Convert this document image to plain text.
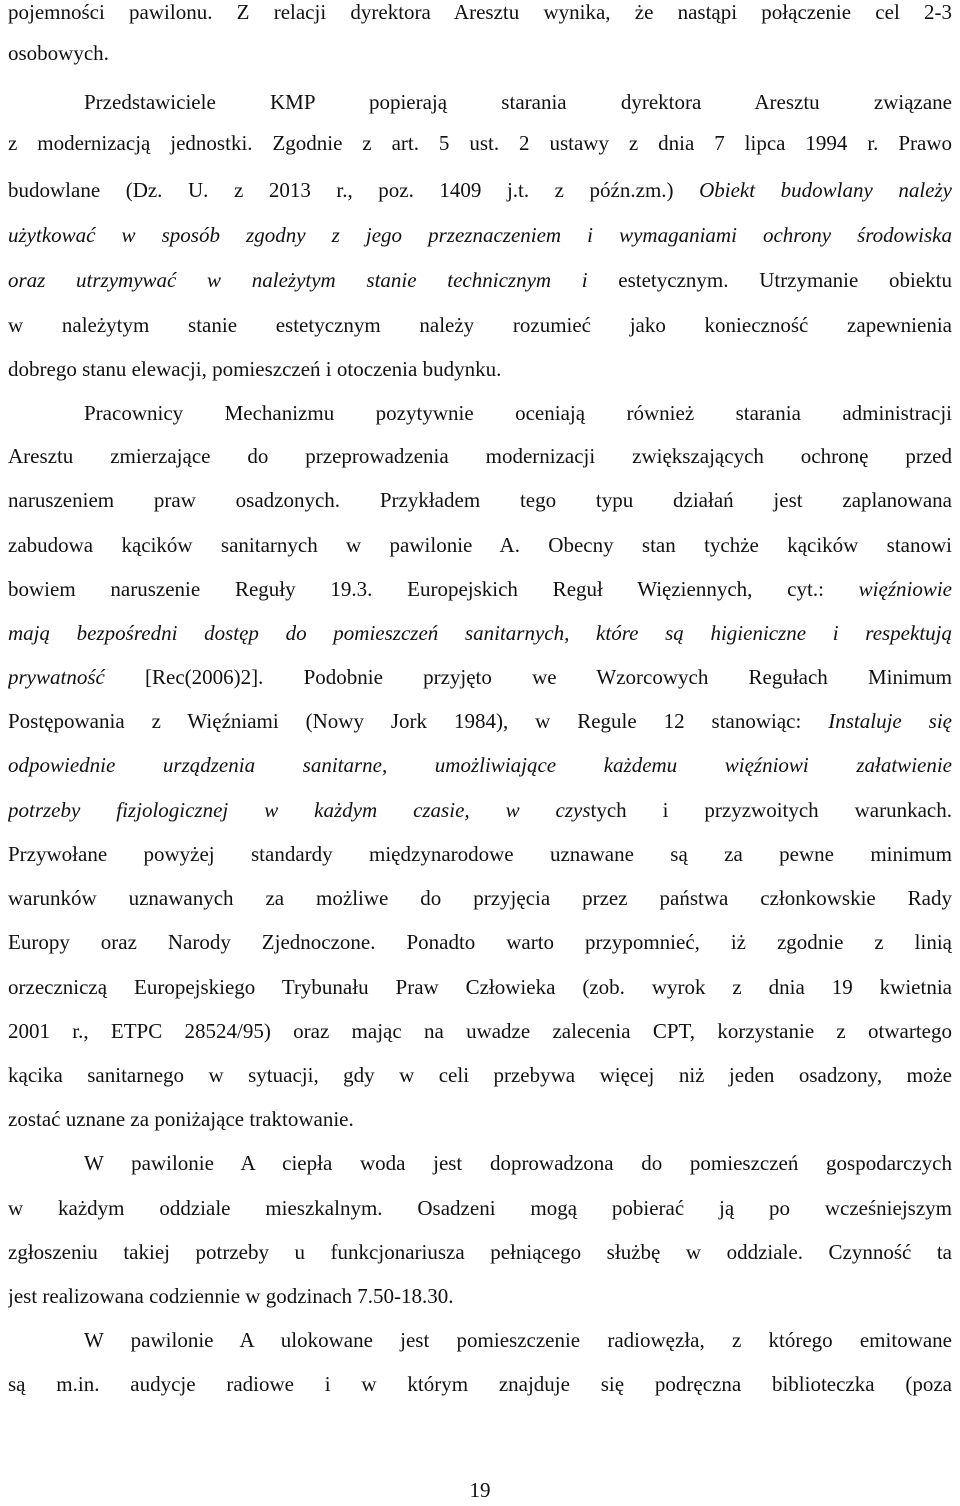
pojemności pawilonu. Z relacji dyrektora Aresztu wynika, że nastąpi połączenie cel 2-3
osobowych.
Przedstawiciele KMP popierają starania dyrektora Aresztu związane
z modernizacją jednostki. Zgodnie z art. 5 ust. 2 ustawy z dnia 7 lipca 1994 r. Prawo
budowlane (Dz. U. z 2013 r., poz. 1409 j.t. z późn.zm.) Obiekt budowlany należy
użytkować w sposób zgodny z jego przeznaczeniem i wymaganiami ochrony środowiska
oraz utrzymywać w należytym stanie technicznym i estetycznym. Utrzymanie obiektu
w należytym stanie estetycznym należy rozumieć jako konieczność zapewnienia
dobrego stanu elewacji, pomieszczeń i otoczenia budynku.
Pracownicy Mechanizmu pozytywnie oceniają również starania administracji
Aresztu zmierzające do przeprowadzenia modernizacji zwiększających ochronę przed
naruszeniem praw osadzonych. Przykładem tego typu działań jest zaplanowana
zabudowa kącików sanitarnych w pawilonie A. Obecny stan tychże kącików stanowi
bowiem naruszenie Reguły 19.3. Europejskich Reguł Więziennych, cyt.: więźniowie
mają bezpośredni dostęp do pomieszczeń sanitarnych, które są higieniczne i respektują
prywatność [Rec(2006)2]. Podobnie przyjęto we Wzorcowych Regułach Minimum
Postępowania z Więźniami (Nowy Jork 1984), w Regule 12 stanowiąc: Instaluje się
odpowiednie urządzenia sanitarne, umożliwiające każdemu więźniowi załatwienie
potrzeby fizjologicznej w każdym czasie, w czystych i przyzwoitych warunkach.
Przywołane powyżej standardy międzynarodowe uznawane są za pewne minimum
warunków uznawanych za możliwe do przyjęcia przez państwa członkowskie Rady
Europy oraz Narody Zjednoczone. Ponadto warto przypomnieć, iż zgodnie z linią
orzeczniczą Europejskiego Trybunału Praw Człowieka (zob. wyrok z dnia 19 kwietnia
2001 r., ETPC 28524/95) oraz mając na uwadze zalecenia CPT, korzystanie z otwartego
kącika sanitarnego w sytuacji, gdy w celi przebywa więcej niż jeden osadzony, może
zostać uznane za poniżające traktowanie.
W pawilonie A ciepła woda jest doprowadzona do pomieszczeń gospodarczych
w każdym oddziale mieszkalnym. Osadzeni mogą pobierać ją po wcześniejszym
zgłoszeniu takiej potrzeby u funkcjonariusza pełniącego służbę w oddziale. Czynność ta
jest realizowana codziennie w godzinach 7.50-18.30.
W pawilonie A ulokowane jest pomieszczenie radiowęzła, z którego emitowane
są m.in. audycje radiowe i w którym znajduje się podręczna biblioteczka (poza
19
